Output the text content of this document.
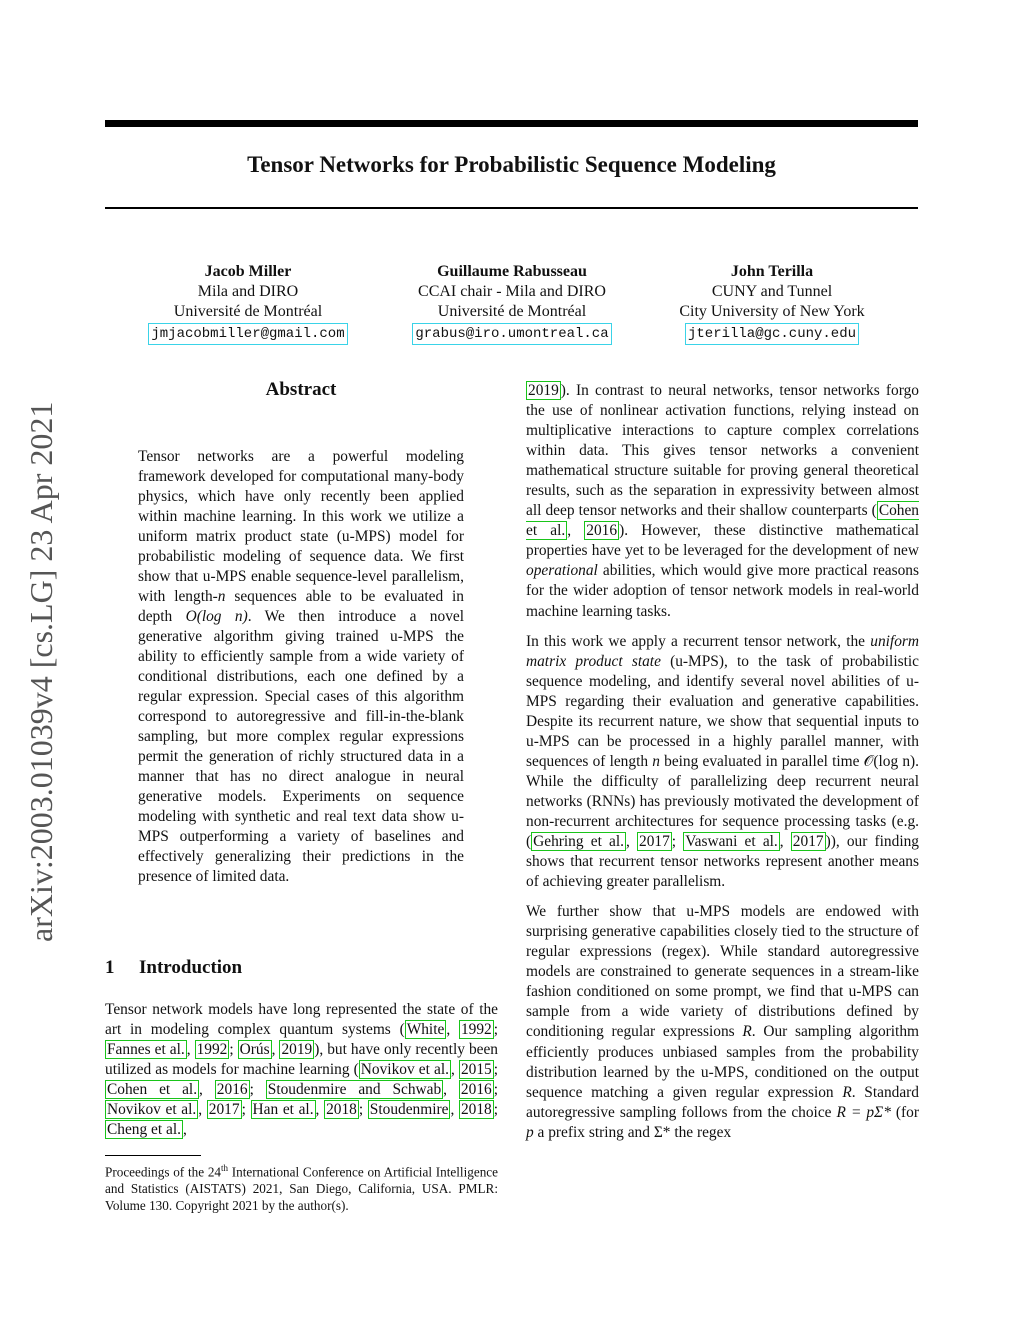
arXiv:2003.01039v4 [cs.LG] 23 Apr 2021
Tensor Networks for Probabilistic Sequence Modeling
Jacob Miller
Mila and DIRO
Université de Montréal
jmjacobmiller@gmail.com
Guillaume Rabusseau
CCAI chair - Mila and DIRO
Université de Montréal
grabus@iro.umontreal.ca
John Terilla
CUNY and Tunnel
City University of New York
jterilla@gc.cuny.edu
Abstract

Tensor networks are a powerful modeling framework developed for computational many-body physics, which have only recently been applied within machine learning. In this work we utilize a uniform matrix product state (u-MPS) model for probabilistic modeling of sequence data. We first show that u-MPS enable sequence-level parallelism, with length-n sequences able to be evaluated in depth O(log n). We then introduce a novel generative algorithm giving trained u-MPS the ability to efficiently sample from a wide variety of conditional distributions, each one defined by a regular expression. Special cases of this algorithm correspond to autoregressive and fill-in-the-blank sampling, but more complex regular expressions permit the generation of richly structured data in a manner that has no direct analogue in neural generative models. Experiments on sequence modeling with synthetic and real text data show u-MPS outperforming a variety of baselines and effectively generalizing their predictions in the presence of limited data.

1 Introduction

Tensor network models have long represented the state of the art in modeling complex quantum systems ( White , 1992 ; Fannes et al. , 1992 ; Orús , 2019 ), but have only recently been utilized as models for machine learning ( Novikov et al. , 2015 ; Cohen et al. , 2016 ; Stoudenmire and Schwab , 2016 ; Novikov et al. , 2017 ; Han et al. , 2018 ; Stoudenmire , 2018 ; Cheng et al. ,

Proceedings of the 24th International Conference on Artificial Intelligence and Statistics (AISTATS) 2021, San Diego, California, USA. PMLR: Volume 130. Copyright 2021 by the author(s).

2019 ). In contrast to neural networks, tensor networks forgo the use of nonlinear activation functions, relying instead on multiplicative interactions to capture complex correlations within data. This gives tensor networks a convenient mathematical structure suitable for proving general theoretical results, such as the separation in expressivity between almost all deep tensor networks and their shallow counterparts ( Cohen et al. , 2016 ). However, these distinctive mathematical properties have yet to be leveraged for the development of new operational abilities, which would give more practical reasons for the wider adoption of tensor network models in real-world machine learning tasks.

In this work we apply a recurrent tensor network, the uniform matrix product state (u-MPS), to the task of probabilistic sequence modeling, and identify several novel abilities of u-MPS regarding their evaluation and generative capabilities. Despite its recurrent nature, we show that sequential inputs to u-MPS can be processed in a highly parallel manner, with sequences of length n being evaluated in parallel time 𝒪(log n). While the difficulty of parallelizing deep recurrent neural networks (RNNs) has previously motivated the development of non-recurrent architectures for sequence processing tasks (e.g. ( Gehring et al. , 2017 ; Vaswani et al. , 2017 )), our finding shows that recurrent tensor networks represent another means of achieving greater parallelism.

We further show that u-MPS models are endowed with surprising generative capabilities closely tied to the structure of regular expressions (regex). While standard autoregressive models are constrained to generate sequences in a stream-like fashion conditioned on some prompt, we find that u-MPS can sample from a wide variety of distributions defined by conditioning regular expressions R. Our sampling algorithm efficiently produces unbiased samples from the probability distribution learned by the u-MPS, conditioned on the output sequence matching a given regular expression R. Standard autoregressive sampling follows from the choice R = pΣ* (for p a prefix string and Σ* the regex
